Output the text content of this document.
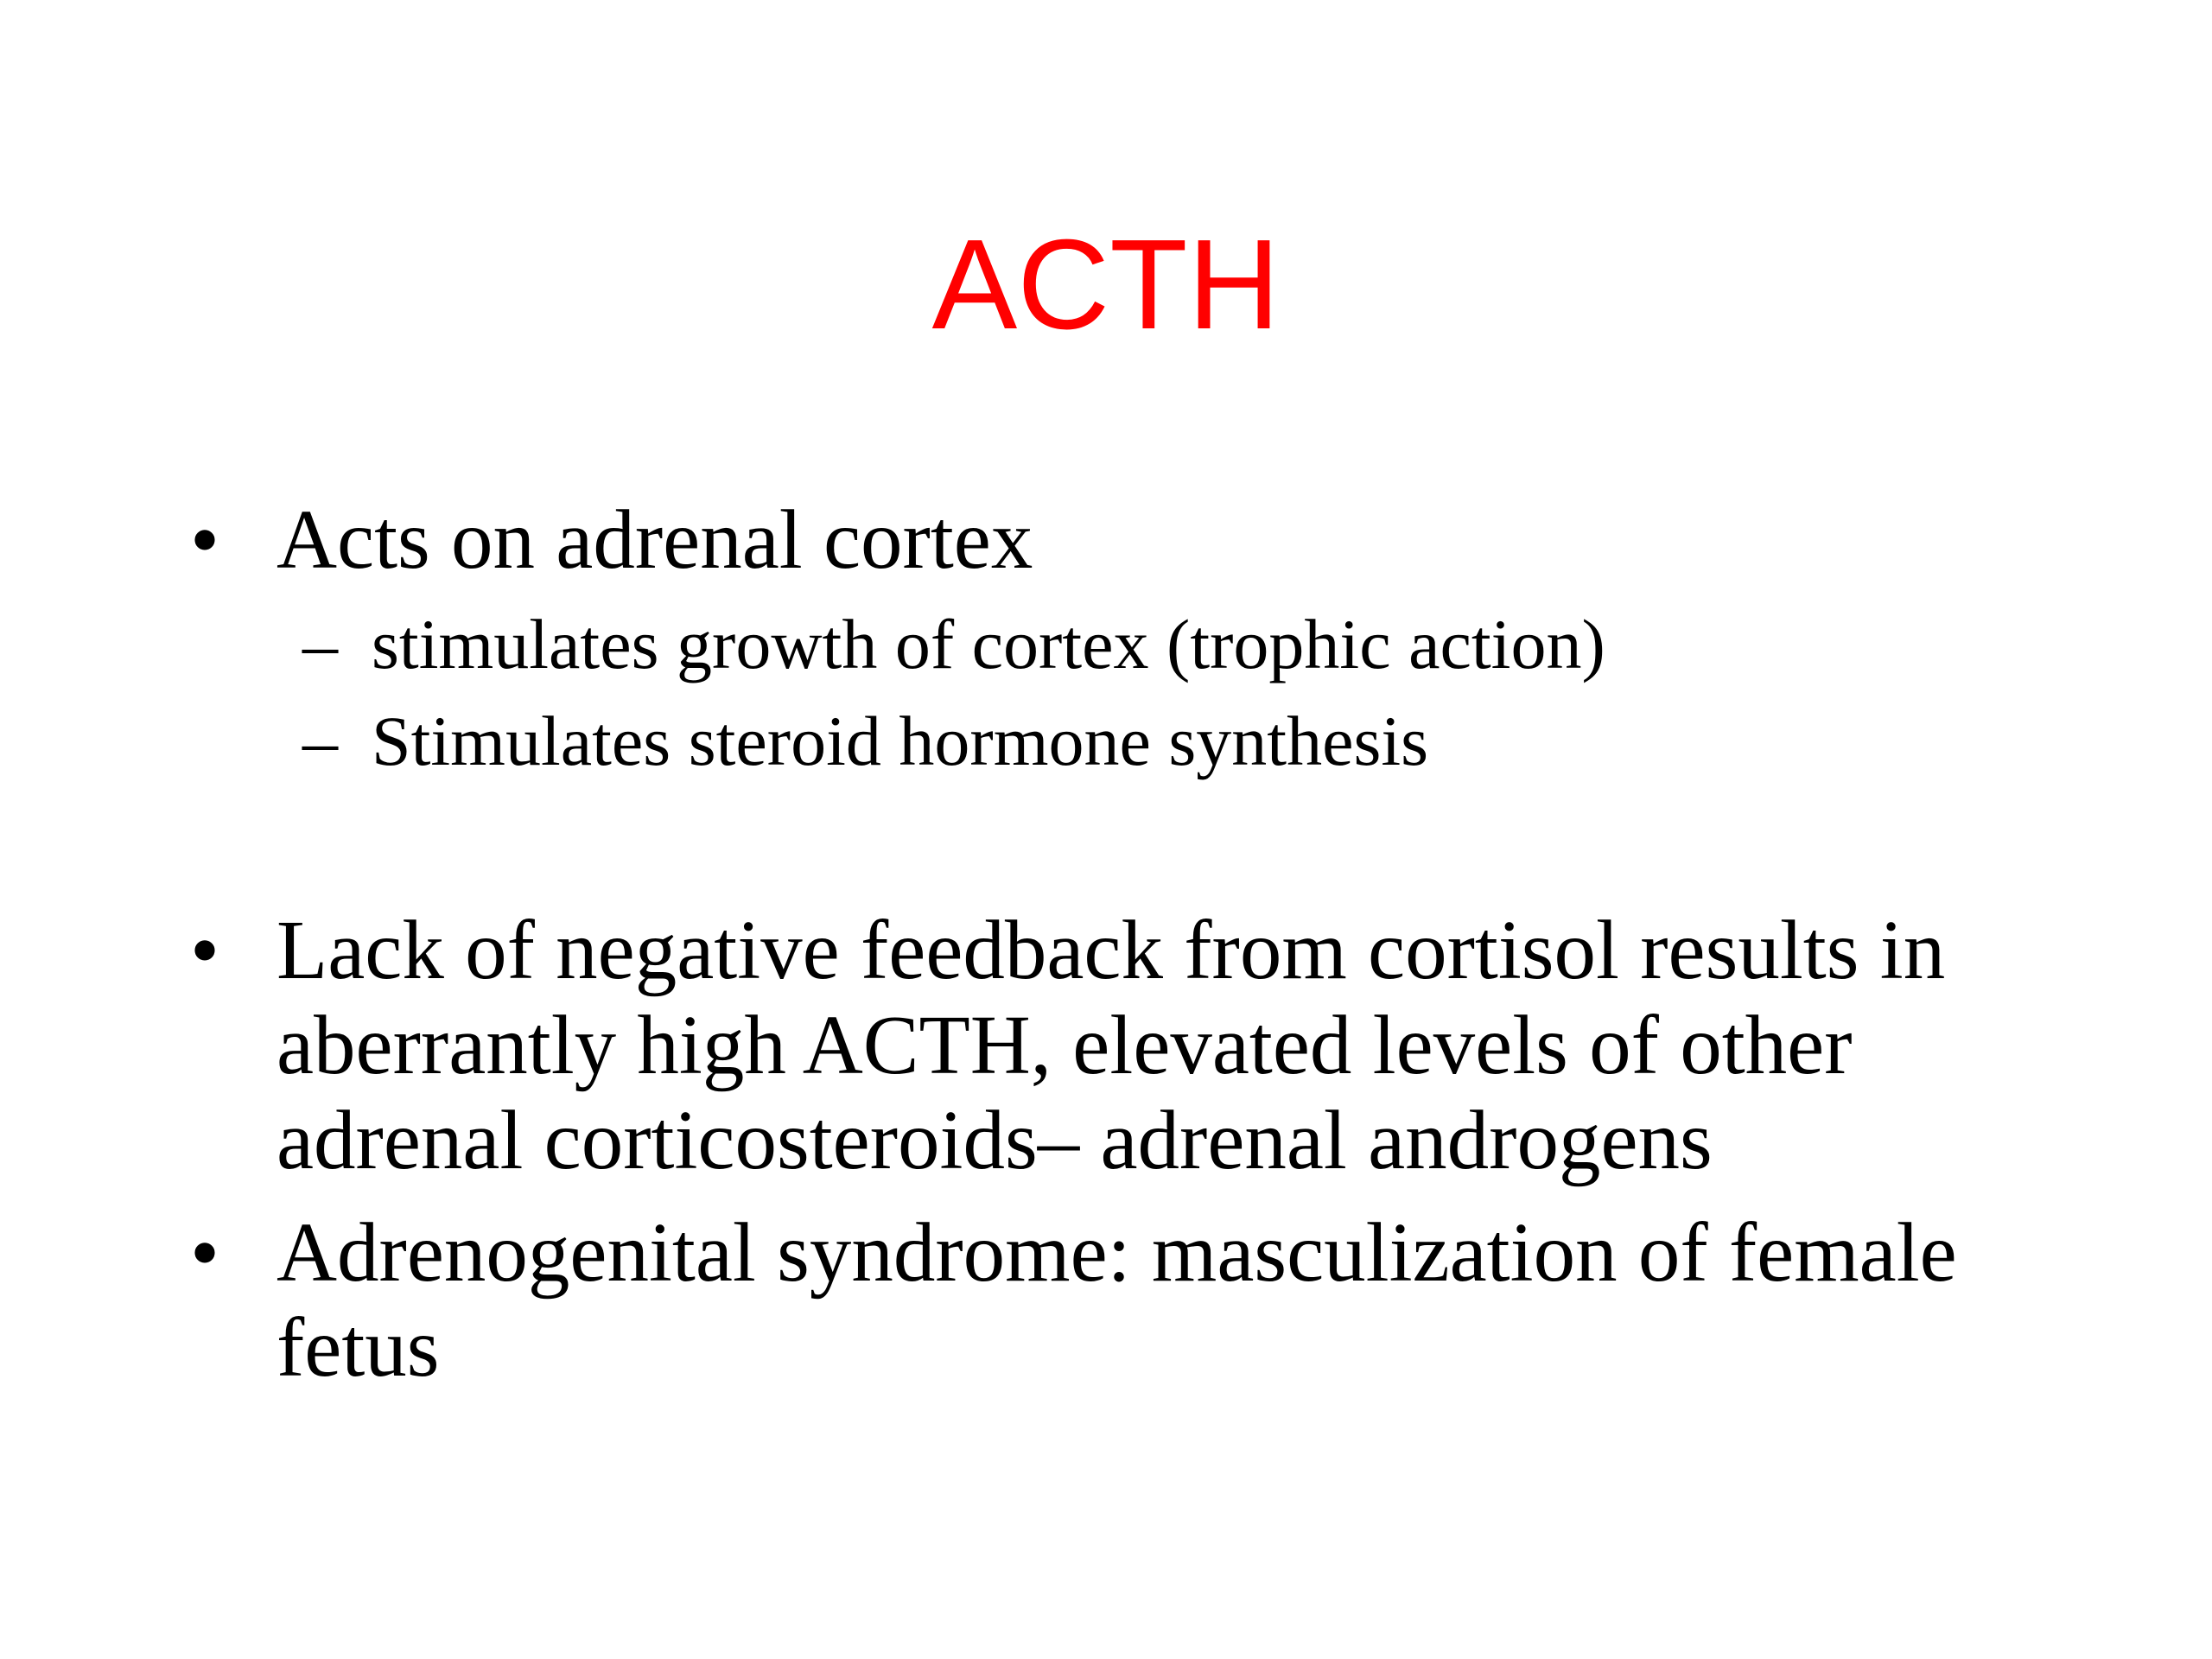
ACTH
• Acts on adrenal cortex
– stimulates growth of cortex (trophic action)
– Stimulates steroid hormone synthesis
• Lack of negative feedback from cortisol results in aberrantly high ACTH, elevated levels of other adrenal corticosteroids– adrenal androgens
• Adrenogenital syndrome: masculization of female fetus
